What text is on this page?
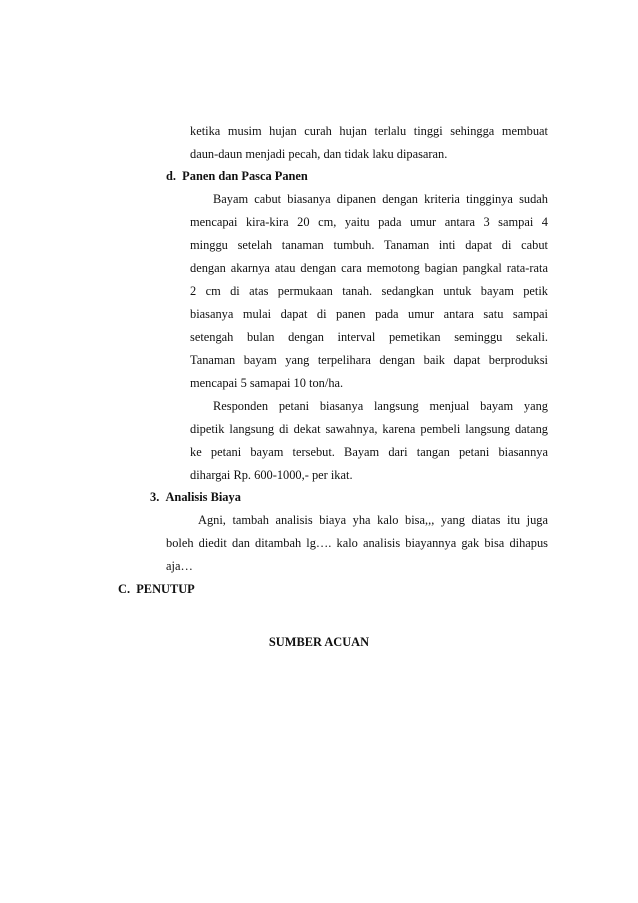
ketika musim hujan curah hujan terlalu tinggi sehingga membuat
daun-daun menjadi pecah, dan tidak laku dipasaran.
d.  Panen dan Pasca Panen
Bayam cabut biasanya dipanen dengan kriteria tingginya sudah
mencapai kira-kira 20 cm, yaitu pada umur antara 3 sampai 4
minggu setelah tanaman tumbuh. Tanaman inti dapat di cabut
dengan akarnya atau dengan cara memotong bagian pangkal rata-rata
2 cm di atas permukaan tanah. sedangkan untuk bayam petik
biasanya mulai dapat di panen pada umur antara satu sampai
setengah bulan dengan interval pemetikan seminggu sekali.
Tanaman bayam yang terpelihara dengan baik dapat berproduksi
mencapai 5 samapai 10 ton/ha.
Responden petani biasanya langsung menjual bayam yang
dipetik langsung di dekat sawahnya, karena pembeli langsung datang
ke petani bayam tersebut. Bayam dari tangan petani biasannya
dihargai Rp. 600-1000,- per ikat.
3.  Analisis Biaya
Agni, tambah analisis biaya yha kalo bisa,,, yang diatas itu juga
boleh diedit dan ditambah lg…. kalo analisis biayannya gak bisa dihapus
aja…
C.  PENUTUP
SUMBER ACUAN
